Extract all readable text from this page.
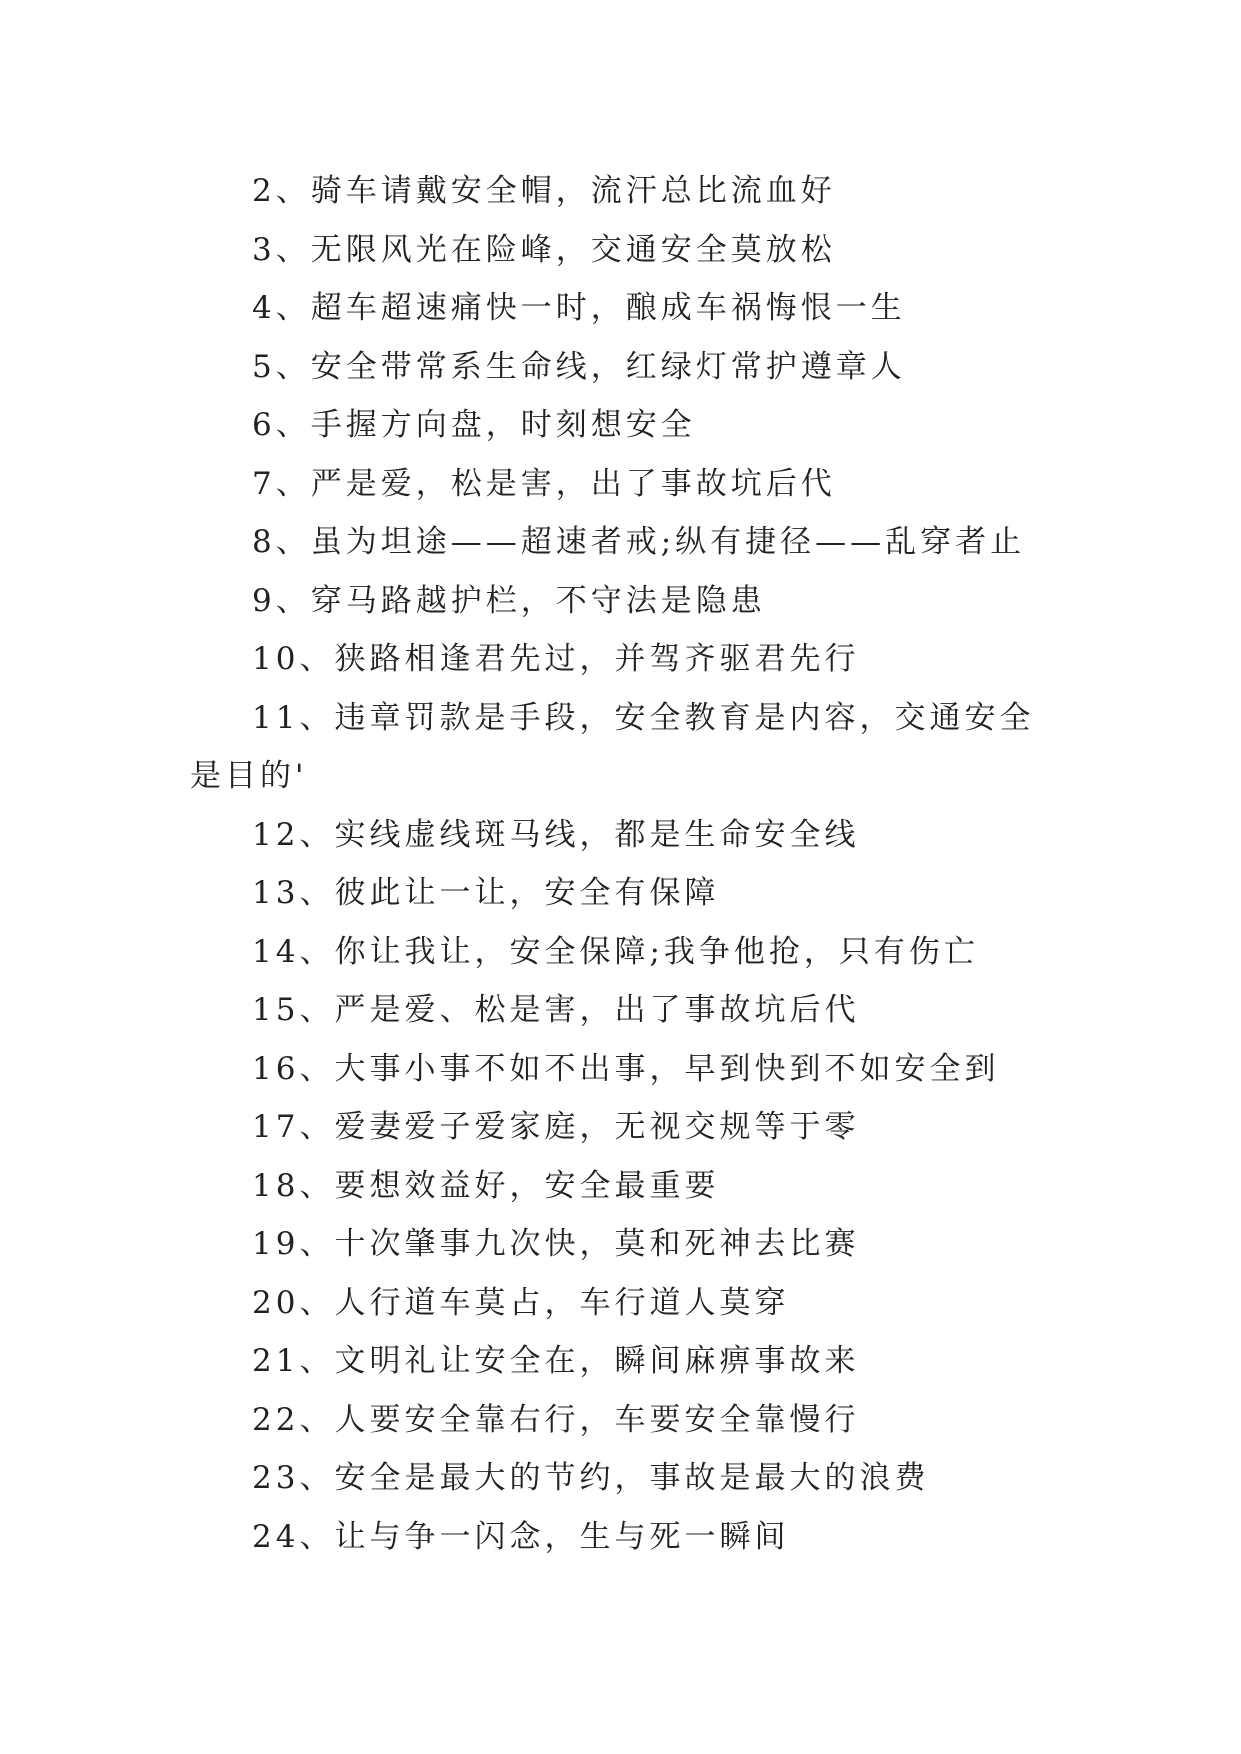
2、骑车请戴安全帽，流汗总比流血好

3、无限风光在险峰，交通安全莫放松

4、超车超速痛快一时，酿成车祸悔恨一生

5、安全带常系生命线，红绿灯常护遵章人

6、手握方向盘，时刻想安全

7、严是爱，松是害，出了事故坑后代

8、虽为坦途——超速者戒;纵有捷径——乱穿者止

9、穿马路越护栏，不守法是隐患

10、狭路相逢君先过，并驾齐驱君先行

11、违章罚款是手段，安全教育是内容，交通安全是目的'

12、实线虚线斑马线，都是生命安全线

13、彼此让一让，安全有保障

14、你让我让，安全保障;我争他抢，只有伤亡

15、严是爱、松是害，出了事故坑后代

16、大事小事不如不出事，早到快到不如安全到

17、爱妻爱子爱家庭，无视交规等于零

18、要想效益好，安全最重要

19、十次肇事九次快，莫和死神去比赛

20、人行道车莫占，车行道人莫穿

21、文明礼让安全在，瞬间麻痹事故来

22、人要安全靠右行，车要安全靠慢行

23、安全是最大的节约，事故是最大的浪费

24、让与争一闪念，生与死一瞬间
